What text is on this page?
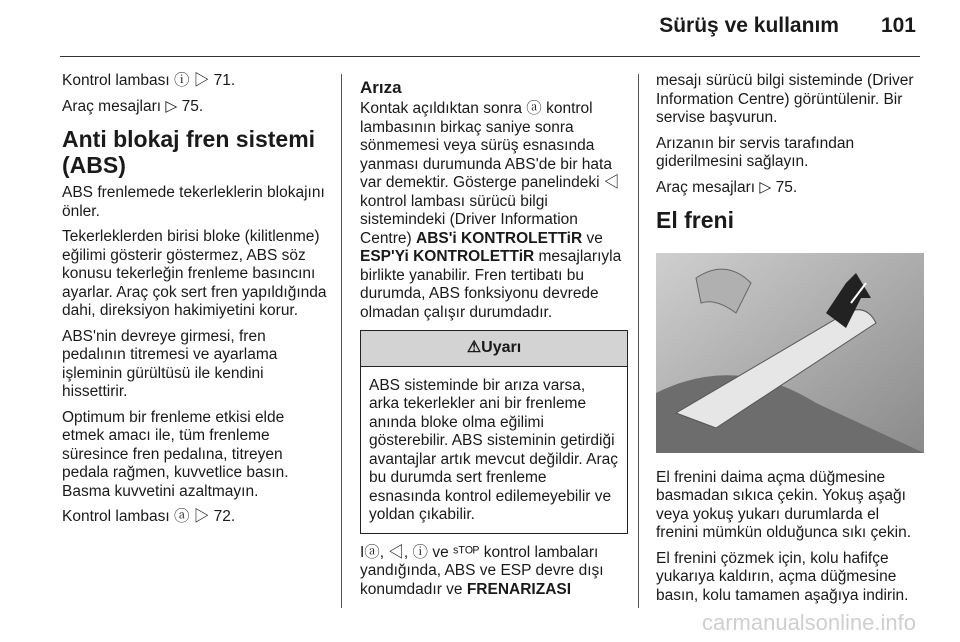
Sürüş ve kullanım 101

Kontrol lambası ⓘ ▷ 71.

Araç mesajları ▷ 75.

Anti blokaj fren sistemi (ABS)

ABS frenlemede tekerleklerin blokajını önler.

Tekerleklerden birisi bloke (kilitlenme) eğilimi gösterir göstermez, ABS söz konusu tekerleğin frenleme basıncını ayarlar. Araç çok sert fren yapıldığında dahi, direksiyon hakimiyetini korur.

ABS'nin devreye girmesi, fren pedalının titremesi ve ayarlama işleminin gürültüsü ile kendini hissettirir.

Optimum bir frenleme etkisi elde etmek amacı ile, tüm frenleme süresince fren pedalına, titreyen pedala rağmen, kuvvetlice basın. Basma kuvvetini azaltmayın.

Kontrol lambası ⓐ ▷ 72.

Arıza

Kontak açıldıktan sonra ⓐ kontrol lambasının birkaç saniye sonra sönmemesi veya sürüş esnasında yanması durumunda ABS'de bir hata var demektir. Gösterge panelindeki ◁ kontrol lambası sürücü bilgi sistemindeki (Driver Information Centre) ABS'i KONTROLETTiR ve
ESP'Yi KONTROLETTiR mesajlarıyla birlikte yanabilir. Fren tertibatı bu durumda, ABS fonksiyonu devrede olmadan çalışır durumdadır.

⚠Uyarı
ABS sisteminde bir arıza varsa, arka tekerlekler ani bir frenleme anında bloke olma eğilimi gösterebilir. ABS sisteminin getirdiği avantajlar artık mevcut değildir. Araç bu durumda sert frenleme esnasında kontrol edilemeyebilir ve yoldan çıkabilir.

Iⓐ, ◁, ⓘ ve ˢᵀᴼᴾ kontrol lambaları yandığında, ABS ve ESP devre dışı konumdadır ve FRENARIZASI

mesajı sürücü bilgi sisteminde (Driver Information Centre) görüntülenir. Bir servise başvurun.

Arızanın bir servis tarafından giderilmesini sağlayın.

Araç mesajları ▷ 75.

El freni

El frenini daima açma düğmesine basmadan sıkıca çekin. Yokuş aşağı veya yokuş yukarı durumlarda el frenini mümkün olduğunca sıkı çekin.

El frenini çözmek için, kolu hafifçe yukarıya kaldırın, açma düğmesine basın, kolu tamamen aşağıya indirin.

carmanualsonline.info
